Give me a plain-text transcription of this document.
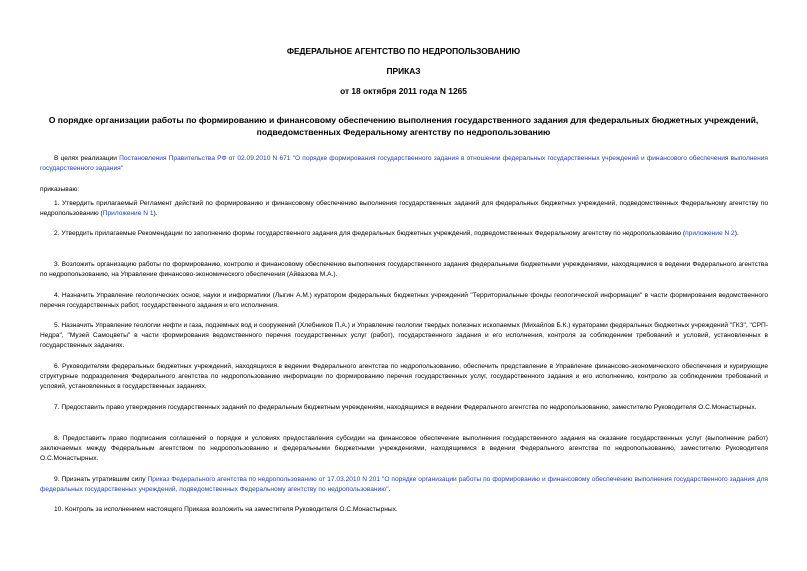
ФЕДЕРАЛЬНОЕ АГЕНТСТВО ПО НЕДРОПОЛЬЗОВАНИЮ
ПРИКАЗ
от 18 октября 2011 года N 1265
О порядке организации работы по формированию и финансовому обеспечению выполнения государственного задания для федеральных бюджетных учреждений, подведомственных Федеральному агентству по недропользованию
В целях реализации Постановления Правительства РФ от 02.09.2010 N 671 "О порядке формирования государственного задания в отношении федеральных государственных учреждений и финансового обеспечения выполнения государственного задания"
приказываю:
1. Утвердить прилагаемый Регламент действий по формированию и финансовому обеспечению выполнения государственных заданий для федеральных бюджетных учреждений, подведомственных Федеральному агентству по недропользованию (Приложение N 1).
2. Утвердить прилагаемые Рекомендации по заполнению формы государственного задания для федеральных бюджетных учреждений, подведомственных Федеральному агентству по недропользованию (приложение N 2).
3. Возложить организацию работы по формированию, контролю и финансовому обеспечению выполнения государственного задания федеральными бюджетными учреждениями, находящимися в ведении Федерального агентства по недропользованию, на Управление финансово-экономического обеспечения (Айвазова М.А.).
4. Назначить Управление геологических основ, науки и информатики (Лыгин А.М.) куратором федеральных бюджетных учреждений "Территориальные фонды геологической информации" в части формирования ведомственного перечня государственных работ, государственного задания и его исполнения.
5. Назначить Управление геологии нефти и газа, подземных вод и сооружений (Хлебников П.А.) и Управление геологии твердых полезных ископаемых (Михайлов Б.К.) кураторами федеральных бюджетных учреждений "ГКЗ", "СРП-Недра", "Музей Самоцветы" в части формирования ведомственного перечня государственных услуг (работ), государственного задания и его исполнения, контроля за соблюдением требований и условий, установленных в государственных заданиях.
6. Руководителям федеральных бюджетных учреждений, находящихся в ведении Федерального агентства по недропользованию, обеспечить представление в Управление финансово-экономического обеспечения и курирующие структурные подразделения Федерального агентства по недропользованию информации по формированию перечня государственных услуг, государственного задания и его исполнению, контролю за соблюдением требований и условий, установленных в государственных заданиях.
7. Предоставить право утверждения государственных заданий по федеральным бюджетным учреждениям, находящимся в ведении Федерального агентства по недропользованию, заместителю Руководителя О.С.Монастырных.
8. Предоставить право подписания соглашений о порядке и условиях предоставления субсидии на финансовое обеспечение выполнения государственного задания на оказание государственных услуг (выполнение работ) заключаемых между Федеральным агентством по недропользованию и федеральными бюджетными учреждениями, находящимися в ведении Федерального агентства по недропользованию, заместителю Руководителя О.С.Монастырных.
9. Признать утратившим силу Приказ Федерального агентства по недропользованию от 17.03.2010 N 201 "О порядке организации работы по формированию и финансовому обеспечению выполнения государственного задания для федеральных государственных учреждений, подведомственных Федеральному агентству по недропользованию".
10. Контроль за исполнением настоящего Приказа возложить на заместителя Руководителя О.С.Монастырных.
